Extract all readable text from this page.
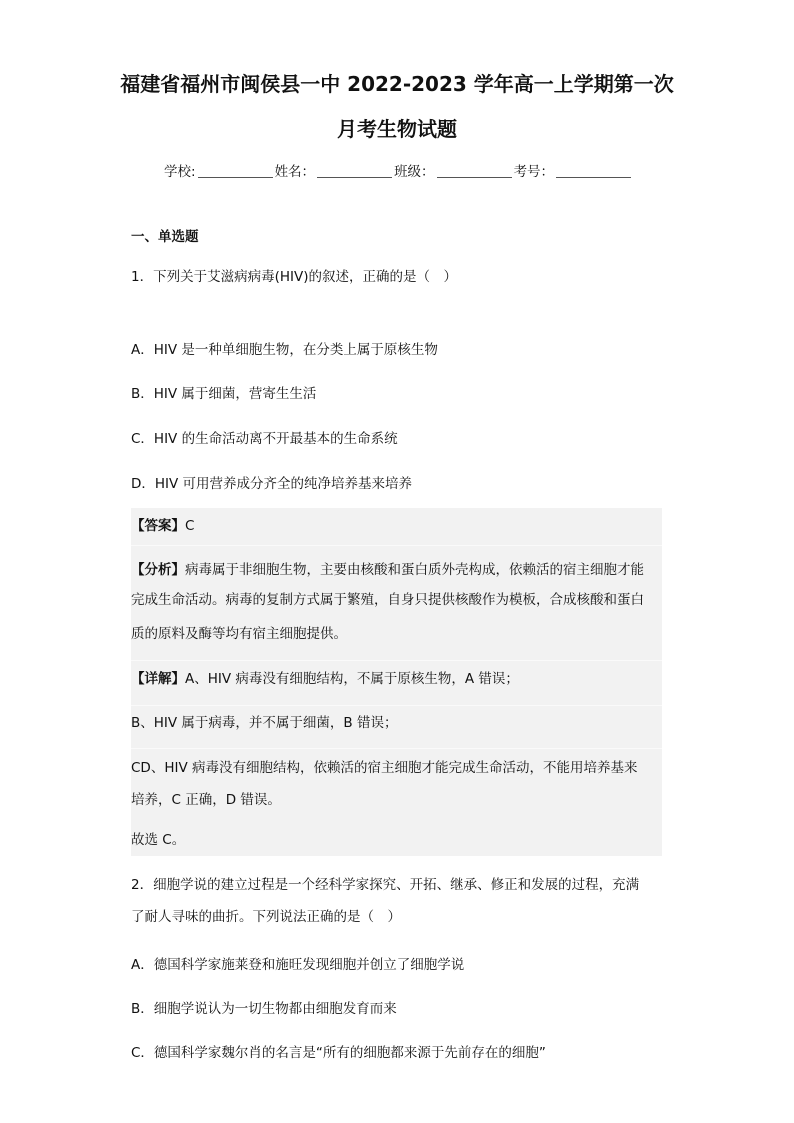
福建省福州市闽侯县一中 2022-2023 学年高一上学期第一次
月考生物试题
学校:	姓名：	班级：	考号：
一、单选题
1．下列关于艾滋病病毒(HIV)的叙述，正确的是（　）
A．HIV 是一种单细胞生物，在分类上属于原核生物
B．HIV 属于细菌，营寄生生活
C．HIV 的生命活动离不开最基本的生命系统
D．HIV 可用营养成分齐全的纯净培养基来培养
【答案】C
【分析】病毒属于非细胞生物，主要由核酸和蛋白质外壳构成，依赖活的宿主细胞才能
完成生命活动。病毒的复制方式属于繁殖，自身只提供核酸作为模板，合成核酸和蛋白
质的原料及酶等均有宿主细胞提供。
【详解】A、HIV 病毒没有细胞结构，不属于原核生物，A 错误；
B、HIV 属于病毒，并不属于细菌，B 错误；
CD、HIV 病毒没有细胞结构，依赖活的宿主细胞才能完成生命活动，不能用培养基来
培养，C 正确，D 错误。
故选 C。
2．细胞学说的建立过程是一个经科学家探究、开拓、继承、修正和发展的过程，充满
了耐人寻味的曲折。下列说法正确的是（　）
A．德国科学家施莱登和施旺发现细胞并创立了细胞学说
B．细胞学说认为一切生物都由细胞发育而来
C．德国科学家魏尔肖的名言是“所有的细胞都来源于先前存在的细胞”
